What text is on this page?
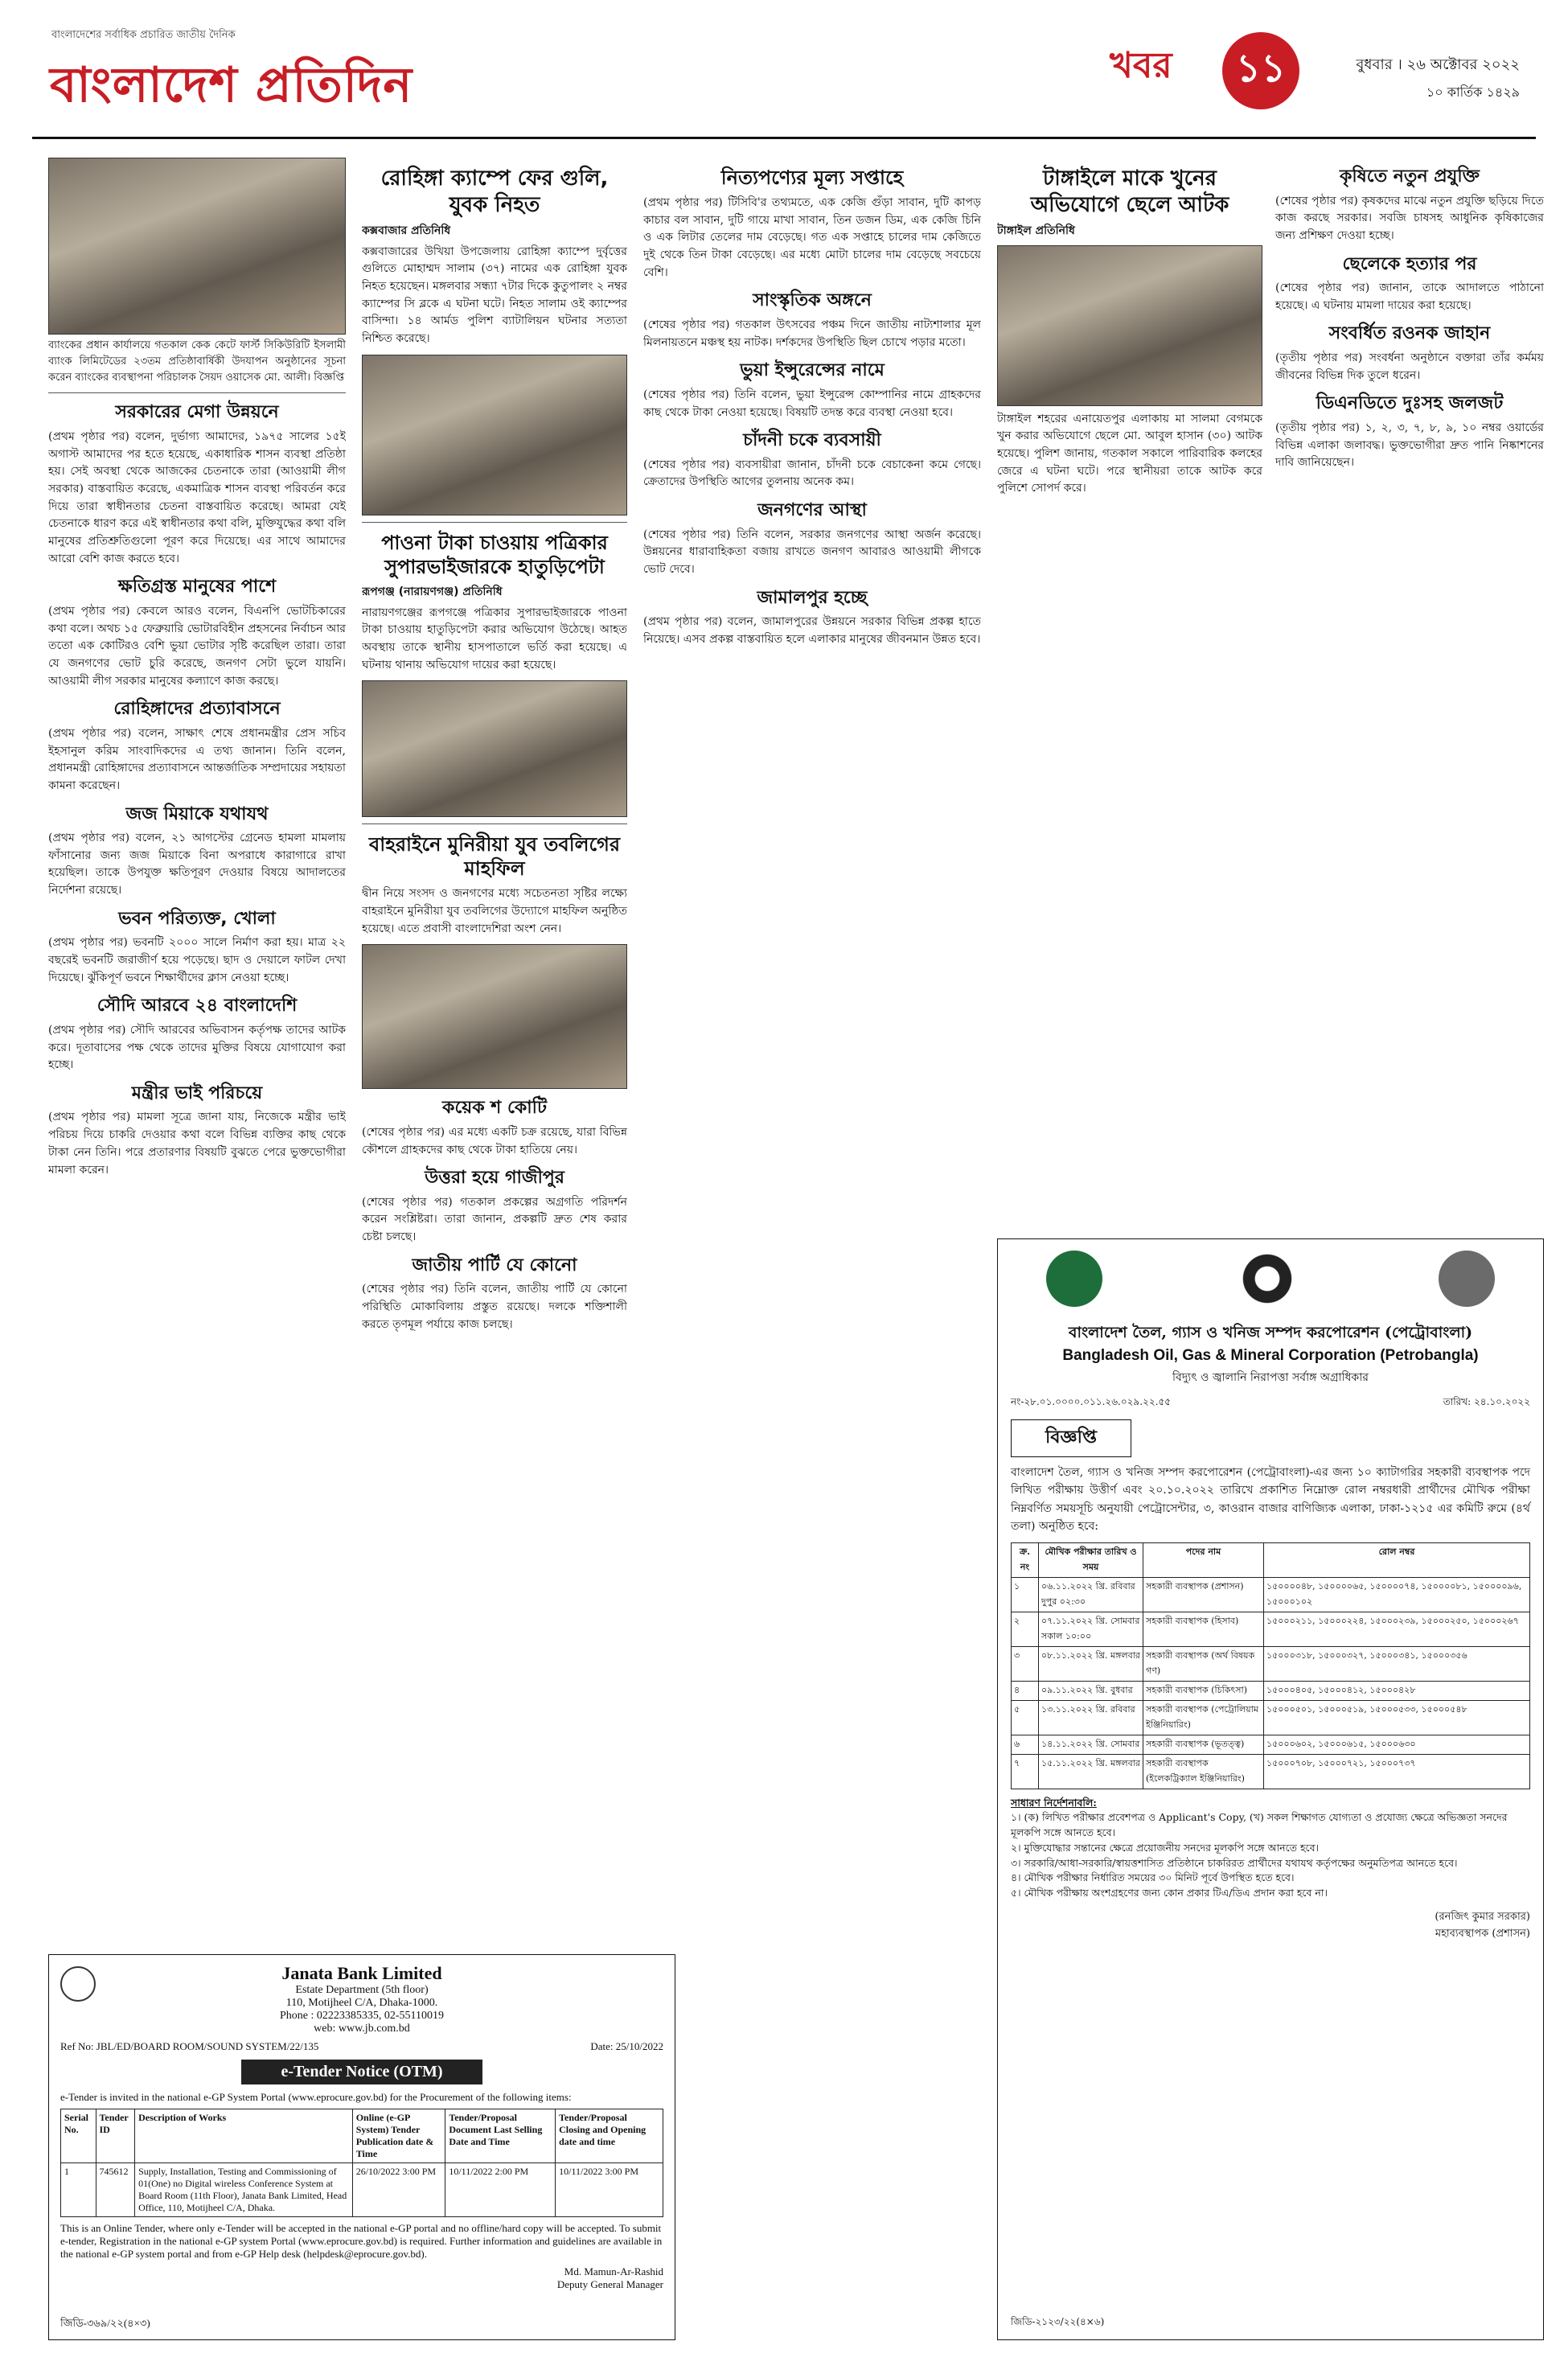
বাংলাদেশের সর্বাধিক প্রচারিত জাতীয় দৈনিক
বাংলাদেশ প্রতিদিন	খবর	১১	বুধবার । ২৬ অক্টোবর ২০২২
১০ কার্তিক ১৪২৯

ব্যাংকের প্রধান কার্যালয়ে গতকাল কেক কেটে ফার্স্ট সিকিউরিটি ইসলামী ব্যাংক লিমিটেডের ২৩তম প্রতিষ্ঠাবার্ষিকী উদযাপন অনুষ্ঠানের সূচনা করেন ব্যাংকের ব্যবস্থাপনা পরিচালক সৈয়দ ওয়াসেক মো. আলী। বিজ্ঞপ্তি

সরকারের মেগা উন্নয়নে

(প্রথম পৃষ্ঠার পর) বলেন, দুর্ভাগ্য আমাদের, ১৯৭৫ সালের ১৫ই অগাস্ট আমাদের পর হতে হয়েছে, একাধারিক শাসন ব্যবস্থা প্রতিষ্ঠা হয়। সেই অবস্থা থেকে আজকের চেতনাকে তারা (আওয়ামী লীগ সরকার) বাস্তবায়িত করেছে, একমাত্রিক শাসন ব্যবস্থা পরিবর্তন করে দিয়ে তারা স্বাধীনতার চেতনা বাস্তবায়িত করেছে। আমরা যেই চেতনাকে ধারণ করে এই স্বাধীনতার কথা বলি, মুক্তিযুদ্ধের কথা বলি মানুষের প্রতিশ্রুতিগুলো পূরণ করে দিয়েছে। এর সাথে আমাদের আরো বেশি কাজ করতে হবে।

ক্ষতিগ্রস্ত মানুষের পাশে

(প্রথম পৃষ্ঠার পর) কেবলে আরও বলেন, বিএনপি ভোটচিকারের কথা বলে। অথচ ১৫ ফেব্রুয়ারি ভোটারবিহীন প্রহসনের নির্বাচন আর ততো এক কোটিরও বেশি ভুয়া ভোটার সৃষ্টি করেছিল তারা। তারা যে জনগণের ভোট চুরি করেছে, জনগণ সেটা ভুলে যায়নি। আওয়ামী লীগ সরকার মানুষের কল্যাণে কাজ করছে।

রোহিঙ্গাদের প্রত্যাবাসনে

(প্রথম পৃষ্ঠার পর) বলেন, সাক্ষাৎ শেষে প্রধানমন্ত্রীর প্রেস সচিব ইহসানুল করিম সাংবাদিকদের এ তথ্য জানান। তিনি বলেন, প্রধানমন্ত্রী রোহিঙ্গাদের প্রত্যাবাসনে আন্তর্জাতিক সম্প্রদায়ের সহায়তা কামনা করেছেন।

জজ মিয়াকে যথাযথ

(প্রথম পৃষ্ঠার পর) বলেন, ২১ আগস্টের গ্রেনেড হামলা মামলায় ফাঁসানোর জন্য জজ মিয়াকে বিনা অপরাধে কারাগারে রাখা হয়েছিল। তাকে উপযুক্ত ক্ষতিপূরণ দেওয়ার বিষয়ে আদালতের নির্দেশনা রয়েছে।

ভবন পরিত্যক্ত, খোলা

(প্রথম পৃষ্ঠার পর) ভবনটি ২০০০ সালে নির্মাণ করা হয়। মাত্র ২২ বছরেই ভবনটি জরাজীর্ণ হয়ে পড়েছে। ছাদ ও দেয়ালে ফাটল দেখা দিয়েছে। ঝুঁকিপূর্ণ ভবনে শিক্ষার্থীদের ক্লাস নেওয়া হচ্ছে।

সৌদি আরবে ২৪ বাংলাদেশি

(প্রথম পৃষ্ঠার পর) সৌদি আরবের অভিবাসন কর্তৃপক্ষ তাদের আটক করে। দূতাবাসের পক্ষ থেকে তাদের মুক্তির বিষয়ে যোগাযোগ করা হচ্ছে।

মন্ত্রীর ভাই পরিচয়ে

(প্রথম পৃষ্ঠার পর) মামলা সূত্রে জানা যায়, নিজেকে মন্ত্রীর ভাই পরিচয় দিয়ে চাকরি দেওয়ার কথা বলে বিভিন্ন ব্যক্তির কাছ থেকে টাকা নেন তিনি। পরে প্রতারণার বিষয়টি বুঝতে পেরে ভুক্তভোগীরা মামলা করেন।

রোহিঙ্গা ক্যাম্পে ফের গুলি, যুবক নিহত
কক্সবাজার প্রতিনিধি

কক্সবাজারের উখিয়া উপজেলায় রোহিঙ্গা ক্যাম্পে দুর্বৃত্তের গুলিতে মোহাম্মদ সালাম (৩৭) নামের এক রোহিঙ্গা যুবক নিহত হয়েছেন। মঙ্গলবার সন্ধ্যা ৭টার দিকে কুতুপালং ২ নম্বর ক্যাম্পের সি ব্লকে এ ঘটনা ঘটে। নিহত সালাম ওই ক্যাম্পের বাসিন্দা। ১৪ আর্মড পুলিশ ব্যাটালিয়ন ঘটনার সত্যতা নিশ্চিত করেছে।

পাওনা টাকা চাওয়ায় পত্রিকার সুপারভাইজারকে হাতুড়িপেটা
রূপগঞ্জ (নারায়ণগঞ্জ) প্রতিনিধি

নারায়ণগঞ্জের রূপগঞ্জে পত্রিকার সুপারভাইজারকে পাওনা টাকা চাওয়ায় হাতুড়িপেটা করার অভিযোগ উঠেছে। আহত অবস্থায় তাকে স্থানীয় হাসপাতালে ভর্তি করা হয়েছে। এ ঘটনায় থানায় অভিযোগ দায়ের করা হয়েছে।

বাহরাইনে মুনিরীয়া যুব তবলিগের মাহফিল

দ্বীন নিয়ে সংসদ ও জনগণের মধ্যে সচেতনতা সৃষ্টির লক্ষ্যে বাহরাইনে মুনিরীয়া যুব তবলিগের উদ্যোগে মাহফিল অনুষ্ঠিত হয়েছে। এতে প্রবাসী বাংলাদেশিরা অংশ নেন।

কয়েক শ কোটি

(শেষের পৃষ্ঠার পর) এর মধ্যে একটি চক্র রয়েছে, যারা বিভিন্ন কৌশলে গ্রাহকদের কাছ থেকে টাকা হাতিয়ে নেয়।

উত্তরা হয়ে গাজীপুর

(শেষের পৃষ্ঠার পর) গতকাল প্রকল্পের অগ্রগতি পরিদর্শন করেন সংশ্লিষ্টরা। তারা জানান, প্রকল্পটি দ্রুত শেষ করার চেষ্টা চলছে।

জাতীয় পার্টি যে কোনো

(শেষের পৃষ্ঠার পর) তিনি বলেন, জাতীয় পার্টি যে কোনো পরিস্থিতি মোকাবিলায় প্রস্তুত রয়েছে। দলকে শক্তিশালী করতে তৃণমূল পর্যায়ে কাজ চলছে।

নিত্যপণ্যের মূল্য সপ্তাহে

(প্রথম পৃষ্ঠার পর) টিসিবি'র তথ্যমতে, এক কেজি গুঁড়া সাবান, দুটি কাপড় কাচার বল সাবান, দুটি গায়ে মাখা সাবান, তিন ডজন ডিম, এক কেজি চিনি ও এক লিটার তেলের দাম বেড়েছে। গত এক সপ্তাহে চালের দাম কেজিতে দুই থেকে তিন টাকা বেড়েছে। এর মধ্যে মোটা চালের দাম বেড়েছে সবচেয়ে বেশি।

সাংস্কৃতিক অঙ্গনে

(শেষের পৃষ্ঠার পর) গতকাল উৎসবের পঞ্চম দিনে জাতীয় নাট্যশালার মূল মিলনায়তনে মঞ্চস্থ হয় নাটক। দর্শকদের উপস্থিতি ছিল চোখে পড়ার মতো।

ভুয়া ইন্সুরেন্সের নামে

(শেষের পৃষ্ঠার পর) তিনি বলেন, ভুয়া ইন্সুরেন্স কোম্পানির নামে গ্রাহকদের কাছ থেকে টাকা নেওয়া হয়েছে। বিষয়টি তদন্ত করে ব্যবস্থা নেওয়া হবে।

চাঁদনী চকে ব্যবসায়ী

(শেষের পৃষ্ঠার পর) ব্যবসায়ীরা জানান, চাঁদনী চকে বেচাকেনা কমে গেছে। ক্রেতাদের উপস্থিতি আগের তুলনায় অনেক কম।

জনগণের আস্থা

(শেষের পৃষ্ঠার পর) তিনি বলেন, সরকার জনগণের আস্থা অর্জন করেছে। উন্নয়নের ধারাবাহিকতা বজায় রাখতে জনগণ আবারও আওয়ামী লীগকে ভোট দেবে।

জামালপুর হচ্ছে

(প্রথম পৃষ্ঠার পর) বলেন, জামালপুরের উন্নয়নে সরকার বিভিন্ন প্রকল্প হাতে নিয়েছে। এসব প্রকল্প বাস্তবায়িত হলে এলাকার মানুষের জীবনমান উন্নত হবে।

টাঙ্গাইলে মাকে খুনের অভিযোগে ছেলে আটক
টাঙ্গাইল প্রতিনিধি

টাঙ্গাইল শহরের এনায়েতপুর এলাকায় মা সালমা বেগমকে খুন করার অভিযোগে ছেলে মো. আবুল হাসান (৩০) আটক হয়েছে। পুলিশ জানায়, গতকাল সকালে পারিবারিক কলহের জেরে এ ঘটনা ঘটে। পরে স্থানীয়রা তাকে আটক করে পুলিশে সোপর্দ করে।

কৃষিতে নতুন প্রযুক্তি

(শেষের পৃষ্ঠার পর) কৃষকদের মাঝে নতুন প্রযুক্তি ছড়িয়ে দিতে কাজ করছে সরকার। সবজি চাষসহ আধুনিক কৃষিকাজের জন্য প্রশিক্ষণ দেওয়া হচ্ছে।

ছেলেকে হত্যার পর

(শেষের পৃষ্ঠার পর) জানান, তাকে আদালতে পাঠানো হয়েছে। এ ঘটনায় মামলা দায়ের করা হয়েছে।

সংবর্ধিত রওনক জাহান

(তৃতীয় পৃষ্ঠার পর) সংবর্ধনা অনুষ্ঠানে বক্তারা তাঁর কর্মময় জীবনের বিভিন্ন দিক তুলে ধরেন।

ডিএনডিতে দুঃসহ জলজট

(তৃতীয় পৃষ্ঠার পর) ১, ২, ৩, ৭, ৮, ৯, ১০ নম্বর ওয়ার্ডের বিভিন্ন এলাকা জলাবদ্ধ। ভুক্তভোগীরা দ্রুত পানি নিষ্কাশনের দাবি জানিয়েছেন।

Janata Bank Limited
Estate Department (5th floor)
110, Motijheel C/A, Dhaka-1000.
Phone : 02223385335, 02-55110019
web: www.jb.com.bd
Ref No: JBL/ED/BOARD ROOM/SOUND SYSTEM/22/135	Date: 25/10/2022
e-Tender Notice (OTM)
e-Tender is invited in the national e-GP System Portal (www.eprocure.gov.bd) for the Procurement of the following items:
Serial No.	Tender ID	Description of Works	Online (e-GP System) Tender Publication date & Time	Tender/Proposal Document Last Selling Date and Time	Tender/Proposal Closing and Opening date and time
1	745612	Supply, Installation, Testing and Commissioning of 01(One) no Digital wireless Conference System at Board Room (11th Floor), Janata Bank Limited, Head Office, 110, Motijheel C/A, Dhaka.	26/10/2022 3:00 PM	10/11/2022 2:00 PM	10/11/2022 3:00 PM

This is an Online Tender, where only e-Tender will be accepted in the national e-GP portal and no offline/hard copy will be accepted. To submit e-tender, Registration in the national e-GP system Portal (www.eprocure.gov.bd) is required. Further information and guidelines are available in the national e-GP system portal and from e-GP Help desk (helpdesk@eprocure.gov.bd).

Md. Mamun-Ar-Rashid
Deputy General Manager
জিডি-৩৬৯/২২(৪×৩)
বাংলাদেশ তৈল, গ্যাস ও খনিজ সম্পদ করপোরেশন (পেট্রোবাংলা)
Bangladesh Oil, Gas & Mineral Corporation (Petrobangla)
বিদ্যুৎ ও জ্বালানি নিরাপত্তা সর্বাঙ্গ অগ্রাধিকার
নং-২৮.০১.০০০০.০১১.২৬.০২৯.২২.৫৫	তারিখ: ২৪.১০.২০২২
বিজ্ঞপ্তি

বাংলাদেশ তৈল, গ্যাস ও খনিজ সম্পদ করপোরেশন (পেট্রোবাংলা)-এর জন্য ১০ ক্যাটাগরির সহকারী ব্যবস্থাপক পদে লিখিত পরীক্ষায় উত্তীর্ণ এবং ২০.১০.২০২২ তারিখে প্রকাশিত নিম্নোক্ত রোল নম্বরধারী প্রার্থীদের মৌখিক পরীক্ষা নিম্নবর্ণিত সময়সূচি অনুযায়ী পেট্রোসেন্টার, ৩, কাওরান বাজার বাণিজ্যিক এলাকা, ঢাকা-১২১৫ এর কমিটি রুমে (৪র্থ তলা) অনুষ্ঠিত হবে:

ক্র. নং	মৌখিক পরীক্ষার তারিখ ও সময়	পদের নাম	রোল নম্বর
১	০৬.১১.২০২২ খ্রি. রবিবার দুপুর ০২:৩০	সহকারী ব্যবস্থাপক (প্রশাসন)	১৫০০০০৪৮, ১৫০০০০৬৫, ১৫০০০০৭৪, ১৫০০০০৮১, ১৫০০০০৯৬, ১৫০০০১০২
২	০৭.১১.২০২২ খ্রি. সোমবার সকাল ১০:০০	সহকারী ব্যবস্থাপক (হিসাব)	১৫০০০২১১, ১৫০০০২২৪, ১৫০০০২৩৯, ১৫০০০২৫০, ১৫০০০২৬৭
৩	০৮.১১.২০২২ খ্রি. মঙ্গলবার	সহকারী ব্যবস্থাপক (অর্থ বিষয়ক গণ)	১৫০০০৩১৮, ১৫০০০৩২৭, ১৫০০০৩৪১, ১৫০০০৩৫৬
৪	০৯.১১.২০২২ খ্রি. বুধবার	সহকারী ব্যবস্থাপক (চিকিৎসা)	১৫০০০৪০৫, ১৫০০০৪১২, ১৫০০০৪২৮
৫	১৩.১১.২০২২ খ্রি. রবিবার	সহকারী ব্যবস্থাপক (পেট্রোলিয়াম ইঞ্জিনিয়ারিং)	১৫০০০৫০১, ১৫০০০৫১৯, ১৫০০০৫৩৩, ১৫০০০৫৪৮
৬	১৪.১১.২০২২ খ্রি. সোমবার	সহকারী ব্যবস্থাপক (ভূতত্ত্ব)	১৫০০০৬০২, ১৫০০০৬১৫, ১৫০০০৬৩০
৭	১৫.১১.২০২২ খ্রি. মঙ্গলবার	সহকারী ব্যবস্থাপক (ইলেকট্রিক্যাল ইঞ্জিনিয়ারিং)	১৫০০০৭০৮, ১৫০০০৭২১, ১৫০০০৭৩৭
সাধারণ নির্দেশনাবলি:
১। (ক) লিখিত পরীক্ষার প্রবেশপত্র ও Applicant's Copy, (খ) সকল শিক্ষাগত যোগ্যতা ও প্রযোজ্য ক্ষেত্রে অভিজ্ঞতা সনদের মূলকপি সঙ্গে আনতে হবে।
২। মুক্তিযোদ্ধার সন্তানের ক্ষেত্রে প্রয়োজনীয় সনদের মূলকপি সঙ্গে আনতে হবে।
৩। সরকারি/আধা-সরকারি/স্বায়ত্তশাসিত প্রতিষ্ঠানে চাকরিরত প্রার্থীদের যথাযথ কর্তৃপক্ষের অনুমতিপত্র আনতে হবে।
৪। মৌখিক পরীক্ষার নির্ধারিত সময়ের ৩০ মিনিট পূর্বে উপস্থিত হতে হবে।
৫। মৌখিক পরীক্ষায় অংশগ্রহণের জন্য কোন প্রকার টিএ/ডিএ প্রদান করা হবে না।
(রনজিৎ কুমার সরকার)
মহাব্যবস্থাপক (প্রশাসন)
জিডি-২১২৩/২২(৪×৬)
